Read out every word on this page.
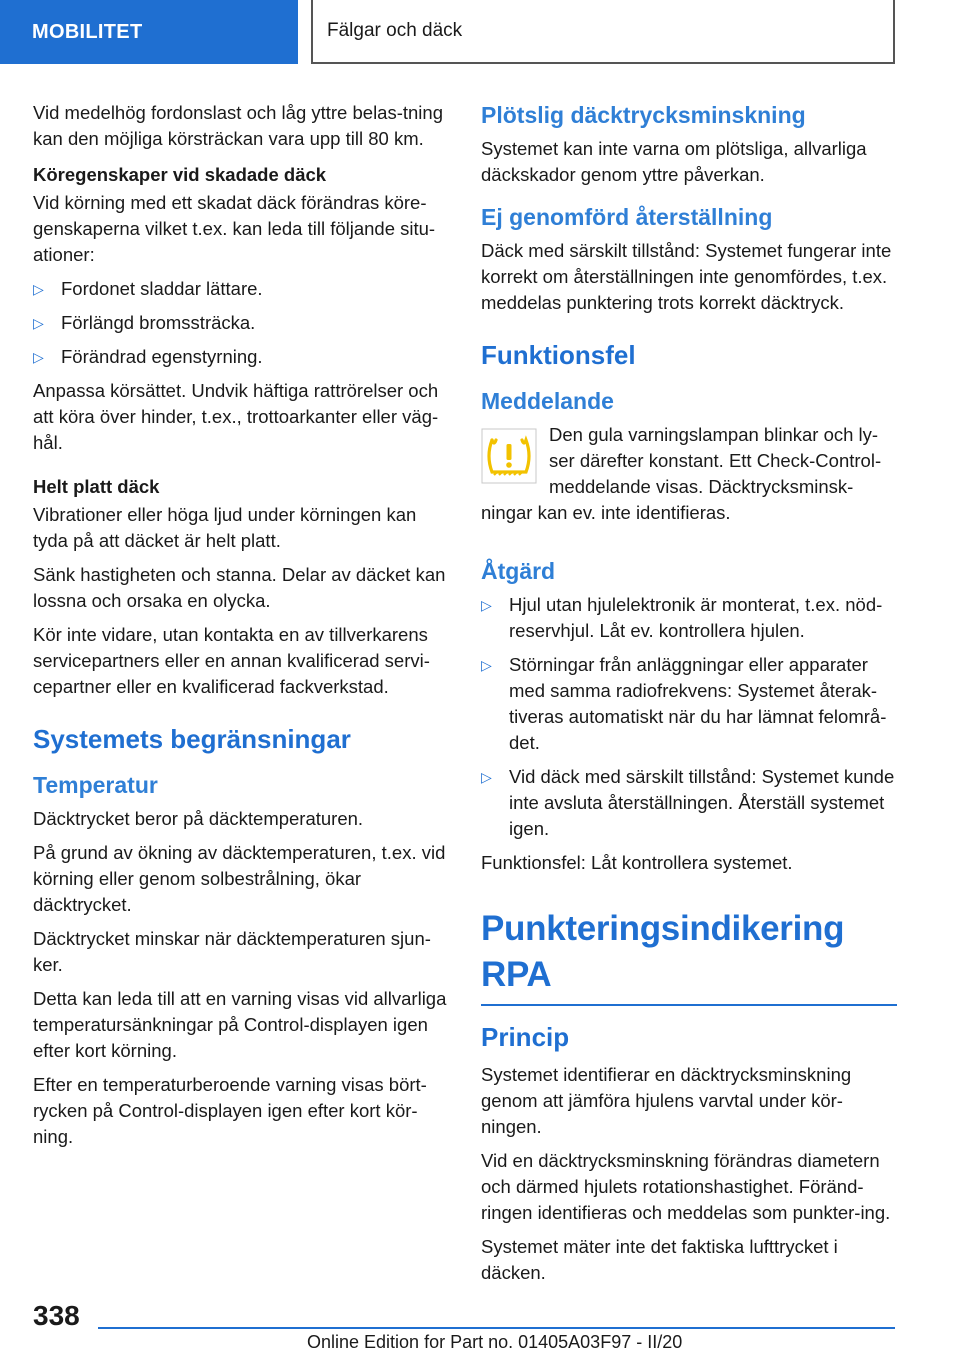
MOBILITET	Fälgar och däck

Vid medelhög fordonslast och låg yttre belas-tning kan den möjliga körsträckan vara upp till 80 km.

Köregenskaper vid skadade däck

Vid körning med ett skadat däck förändras köre-genskaperna vilket t.ex. kan leda till följande situ-ationer:

▷ Fordonet sladdar lättare.
▷ Förlängd bromssträcka.
▷ Förändrad egenstyrning.

Anpassa körsättet. Undvik häftiga rattrörelser och att köra över hinder, t.ex., trottoarkanter eller väg-hål.

Helt platt däck

Vibrationer eller höga ljud under körningen kan tyda på att däcket är helt platt.

Sänk hastigheten och stanna. Delar av däcket kan lossna och orsaka en olycka.

Kör inte vidare, utan kontakta en av tillverkarens servicepartners eller en annan kvalificerad servi-cepartner eller en kvalificerad fackverkstad.

Systemets begränsningar
Temperatur

Däcktrycket beror på däcktemperaturen.

På grund av ökning av däcktemperaturen, t.ex. vid körning eller genom solbestrålning, ökar däcktrycket.

Däcktrycket minskar när däcktemperaturen sjun-ker.

Detta kan leda till att en varning visas vid allvarliga temperatursänkningar på Control-displayen igen efter kort körning.

Efter en temperaturberoende varning visas bört-rycken på Control-displayen igen efter kort kör-ning.

Plötslig däcktrycksminskning

Systemet kan inte varna om plötsliga, allvarliga däckskador genom yttre påverkan.

Ej genomförd återställning

Däck med särskilt tillstånd: Systemet fungerar inte korrekt om återställningen inte genomfördes, t.ex. meddelas punktering trots korrekt däcktryck.

Funktionsfel
Meddelande

Den gula varningslampan blinkar och ly-ser därefter konstant. Ett Check-Control-meddelande visas. Däcktrycksminsk-ningar kan ev. inte identifieras.

Åtgärd
▷ Hjul utan hjulelektronik är monterat, t.ex. nöd-reservhjul. Låt ev. kontrollera hjulen.
▷ Störningar från anläggningar eller apparater med samma radiofrekvens: Systemet återak-tiveras automatiskt när du har lämnat felområ-det.
▷ Vid däck med särskilt tillstånd: Systemet kunde inte avsluta återställningen. Återställ systemet igen.

Funktionsfel: Låt kontrollera systemet.

Punkteringsindikering RPA
Princip

Systemet identifierar en däcktrycksminskning genom att jämföra hjulens varvtal under kör-ningen.

Vid en däcktrycksminskning förändras diametern och därmed hjulets rotationshastighet. Föränd-ringen identifieras och meddelas som punkter-ing.

Systemet mäter inte det faktiska lufttrycket i däcken.

338
Online Edition for Part no. 01405A03F97 - II/20
